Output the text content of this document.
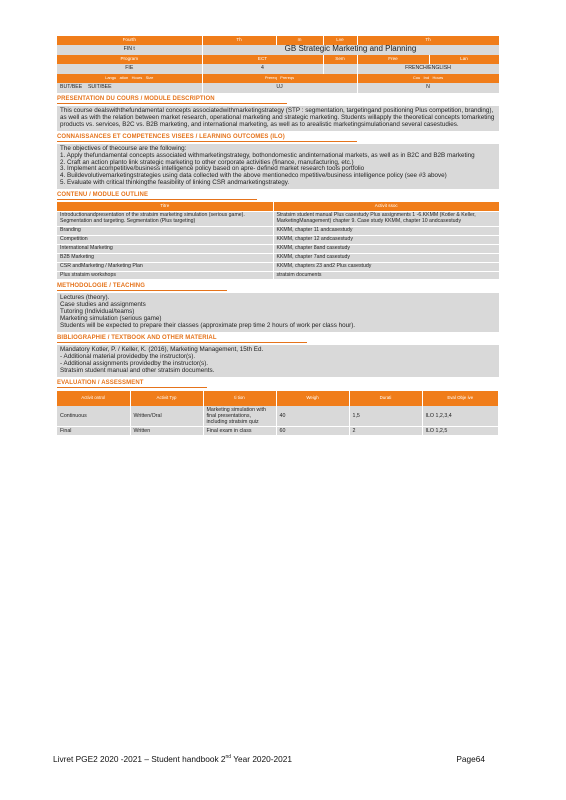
Fourth	Th	m	Lve	Th	
FIN t	GB Strategic Marketing and Planning				
Program	ECT		Sem	Free	Lan
FIE	4			FRENCH/ENGLISH	
Langu ation Hours Size	Prereq Prereqs			Cou Ind Hours	
BUT/BEE SUIT/BEE	UJ			N	
PRESENTATION DU COURS / MODULE DESCRIPTION

This course dealswiththefundamental concepts associatedwithmarketingstrategy (STP : segmentation, targetingand positioning Plus competition, branding), as well as with the relation between market research, operational marketing and strategic marketing. Students willapply the theoretical concepts tomarketing products vs. services, B2C vs. B2B marketing, and international marketing, as well as to arealistic marketingsimulationand several casestudies.

CONNAISSANCES ET COMPETENCES VISEES / LEARNING OUTCOMES (ILO)

The objectives of thecourse are the following:

1. Apply thefundamental concepts associated withmarketingstrategy, bothondomestic andinternational markets, as well as in B2C and B2B marketing

2. Craft an action planto link strategic marketing to other corporate activities (finance, manufacturing, etc.)

3. Implement acompetitive/business intelligence policy based on apre- defined market research tools portfolio

4. Buildevolutivemarketingstrategies using data collected with the above mentionedco mpetitive/business intelligence policy (see #3 above)

5. Evaluate with critical thinkingthe feasibility of linking CSR andmarketingstrategy.

CONTENU / MODULE OUTLINE
Titre	Activit ssoc
Introductionandpresentation of the stratsim marketing simulation (serious game). Segmentation and targeting. Segmentation (Plus targeting)	Stratsim student manual Plus casestudy Plus assignments 1 -6.KKMM (Kotler & Keller, MarketingManagement) chapter 9. Case study KKMM, chapter 10 andcasestudy
Branding	KKMM, chapter 11 andcasestudy
Competition	KKMM, chapter 12 andcasestudy
International Marketing	KKMM, chapter 8and casestudy
B2B Marketing	KKMM, chapter 7and casestudy
CSR andMarketing / Marketing Plan	KKMM, chapters 23 and2 Plus casestudy
Plus stratsim workshops	stratsim documents
METHODOLOGIE / TEACHING

Lectures (theory).

Case studies and assignments

Tutoring (Individual/teams)

Marketing simulation (serious game)

Students will be expected to prepare their classes (approximate prep time 2 hours of work per class hour).

BIBLIOGRAPHIE / TEXTBOOK AND OTHER MATERIAL

Mandatory Kotler, P. / Keller, K. (2016), Marketing Management, 15th Ed.

- Additional material providedby the instructor(s).

- Additional assignments providedby the instructor(s).

Stratsim student manual and other stratsim documents.

EVALUATION / ASSESSMENT
Activit ontrol	Activit Typ	ti tion	Weigh	Durati	Eval Obje ive
Continuous	Written/Oral	Marketing simulation with final presentations, including stratsim quiz	40	1,5	ILO 1,2,3,4
Final	Written	Final exam in class	60	2	ILO 1,2,5
Livret PGE2 2020 -2021 – Student handbook 2nd Year 2020-2021	Page64
